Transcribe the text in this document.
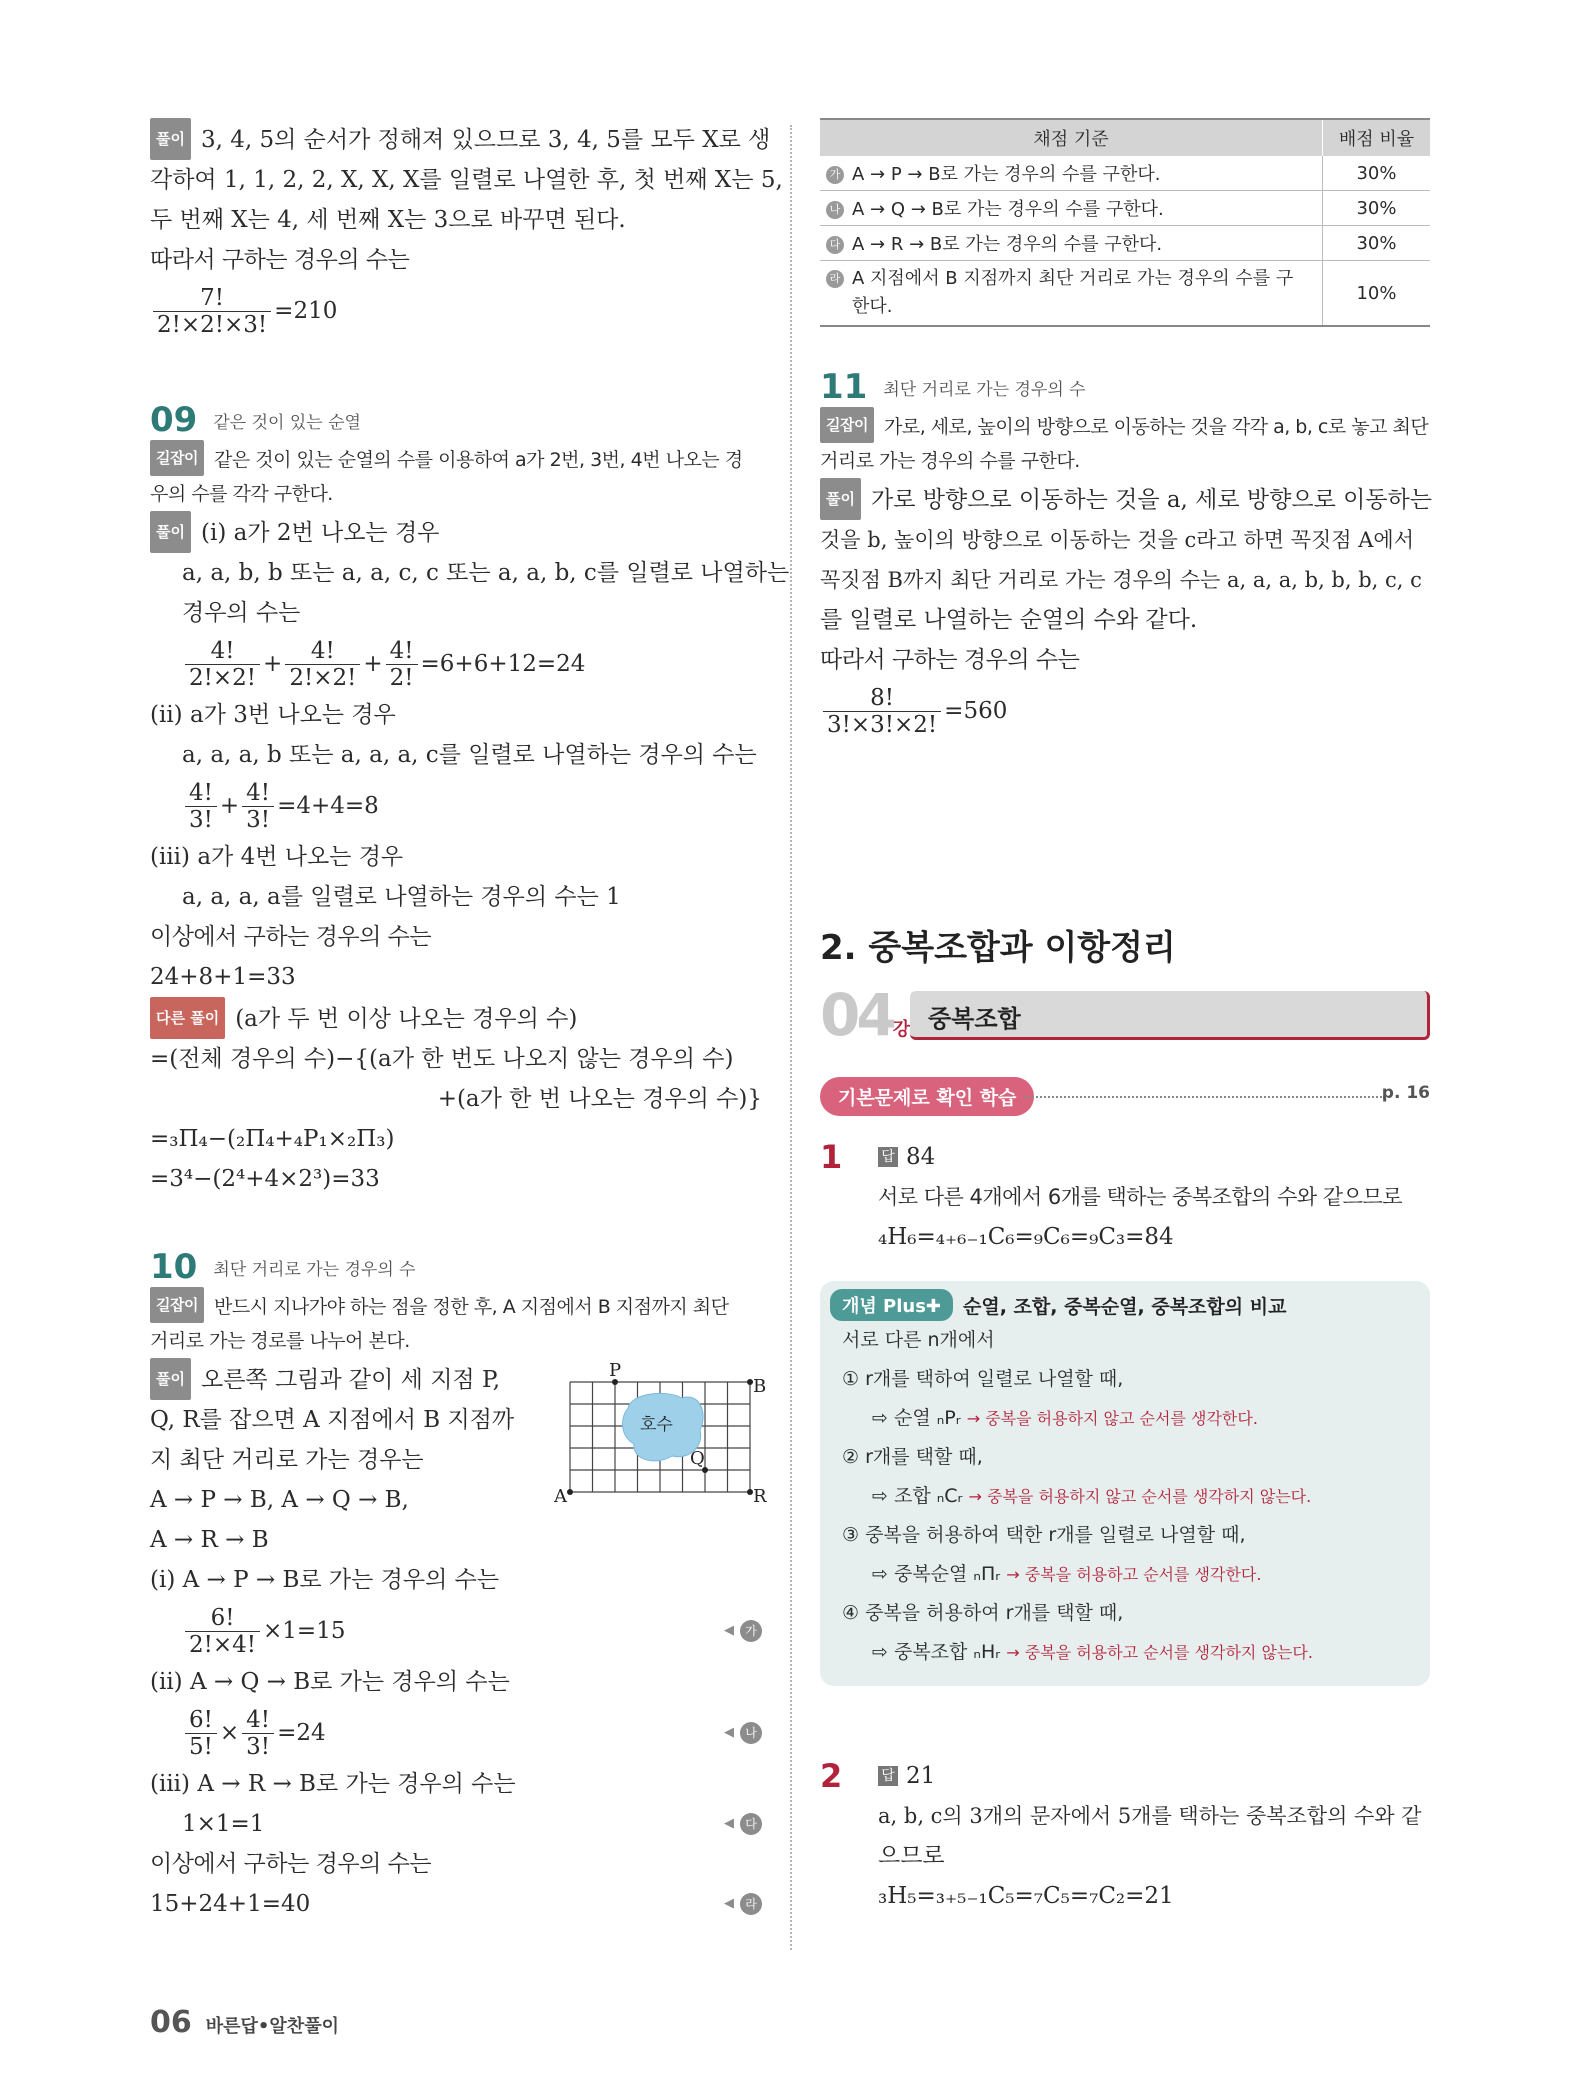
풀이 3, 4, 5의 순서가 정해져 있으므로 3, 4, 5를 모두 X로 생
각하여 1, 1, 2, 2, X, X, X를 일렬로 나열한 후, 첫 번째 X는 5,
두 번째 X는 4, 세 번째 X는 3으로 바꾸면 된다.
따라서 구하는 경우의 수는
$\frac{7!}{2!\times 2!\times 3!} =210$
09 같은 것이 있는 순열
길잡이 같은 것이 있는 순열의 수를 이용하여 a가 2번, 3번, 4번 나오는 경
우의 수를 각각 구한다.
풀이 (i) a가 2번 나오는 경우
a, a, b, b 또는 a, a, c, c 또는 a, a, b, c를 일렬로 나열하는
경우의 수는
$\frac{4!}{2!\times 2!} + \frac{4!}{2!\times 2!} + \frac{4!}{2!} =6+6+12=24$
(ii) a가 3번 나오는 경우
a, a, a, b 또는 a, a, a, c를 일렬로 나열하는 경우의 수는
$\frac{4!}{3!} + \frac{4!}{3!} =4+4=8$
(iii) a가 4번 나오는 경우
a, a, a, a를 일렬로 나열하는 경우의 수는 1
이상에서 구하는 경우의 수는
24+8+1=33
다른 풀이 (a가 두 번 이상 나오는 경우의 수)
=(전체 경우의 수)−{(a가 한 번도 나오지 않는 경우의 수)
+(a가 한 번 나오는 경우의 수)}
=₃Π₄−(₂Π₄+₄P₁×₂Π₃)
=3⁴−(2⁴+4×2³)=33
10 최단 거리로 가는 경우의 수
길잡이 반드시 지나가야 하는 점을 정한 후, A 지점에서 B 지점까지 최단
거리로 가는 경로를 나누어 본다.
풀이 오른쪽 그림과 같이 세 지점 P,
Q, R를 잡으면 A 지점에서 B 지점까
지 최단 거리로 가는 경우는
A → P → B, A → Q → B,
A → R → B
호수
P
B
A	R
Q
(i) A → P → B로 가는 경우의 수는
$\frac{6!}{2!\times 4!} \times 1=15$	◀ 가
(ii) A → Q → B로 가는 경우의 수는
$\frac{6!}{5!} \times \frac{4!}{3!} =24$	◀ 나
(iii) A → R → B로 가는 경우의 수는
1×1=1	◀ 다
이상에서 구하는 경우의 수는
15+24+1=40	◀ 라
채점 기준	배점 비율
가 A → P → B로 가는 경우의 수를 구한다.	30%
나 A → Q → B로 가는 경우의 수를 구한다.	30%
다 A → R → B로 가는 경우의 수를 구한다.	30%
라 A 지점에서 B 지점까지 최단 거리로 가는 경우의 수를 구
한다.	10%
11 최단 거리로 가는 경우의 수
길잡이 가로, 세로, 높이의 방향으로 이동하는 것을 각각 a, b, c로 놓고 최단
거리로 가는 경우의 수를 구한다.
풀이 가로 방향으로 이동하는 것을 a, 세로 방향으로 이동하는
것을 b, 높이의 방향으로 이동하는 것을 c라고 하면 꼭짓점 A에서
꼭짓점 B까지 최단 거리로 가는 경우의 수는 a, a, a, b, b, b, c, c
를 일렬로 나열하는 순열의 수와 같다.
따라서 구하는 경우의 수는
$\frac{8!}{3!\times 3!\times 2!} =560$
2. 중복조합과 이항정리
04강 중복조합
기본문제로 확인 학습	p. 16
1	답 84
서로 다른 4개에서 6개를 택하는 중복조합의 수와 같으므로
₄H₆=₄₊₆₋₁C₆=₉C₆=₉C₃=84
개념 Plus✚	순열, 조합, 중복순열, 중복조합의 비교
서로 다른 n개에서
① r개를 택하여 일렬로 나열할 때,
⇨ 순열 ₙPᵣ → 중복을 허용하지 않고 순서를 생각한다.
② r개를 택할 때,
⇨ 조합 ₙCᵣ → 중복을 허용하지 않고 순서를 생각하지 않는다.
③ 중복을 허용하여 택한 r개를 일렬로 나열할 때,
⇨ 중복순열 ₙΠᵣ → 중복을 허용하고 순서를 생각한다.
④ 중복을 허용하여 r개를 택할 때,
⇨ 중복조합 ₙHᵣ → 중복을 허용하고 순서를 생각하지 않는다.
2	답 21
a, b, c의 3개의 문자에서 5개를 택하는 중복조합의 수와 같
으므로
₃H₅=₃₊₅₋₁C₅=₇C₅=₇C₂=21
06 바른답•알찬풀이
